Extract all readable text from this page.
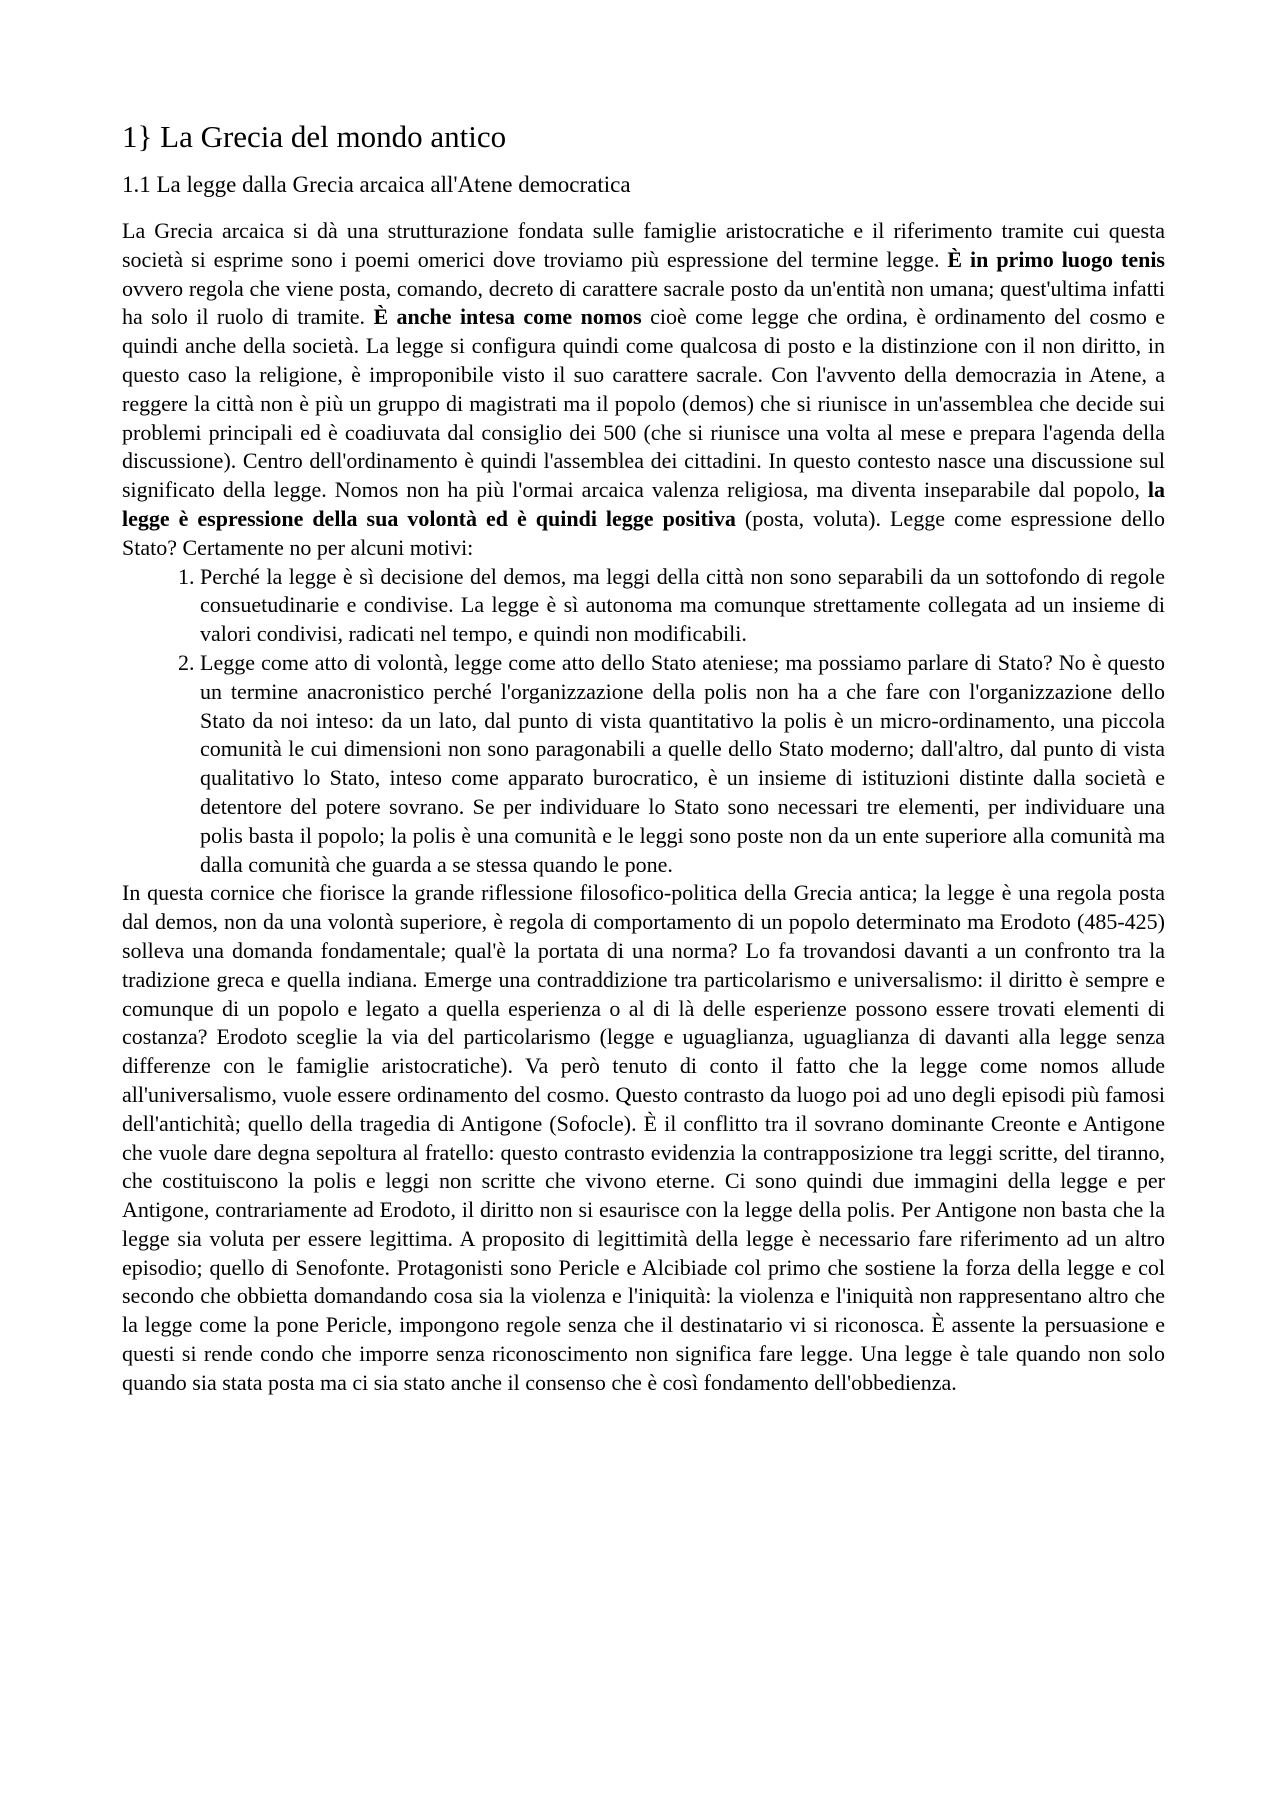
1} La Grecia del mondo antico
1.1 La legge dalla Grecia arcaica all'Atene democratica

La Grecia arcaica si dà una strutturazione fondata sulle famiglie aristocratiche e il riferimento tramite cui questa società si esprime sono i poemi omerici dove troviamo più espressione del termine legge. È in primo luogo tenis ovvero regola che viene posta, comando, decreto di carattere sacrale posto da un'entità non umana; quest'ultima infatti ha solo il ruolo di tramite. È anche intesa come nomos cioè come legge che ordina, è ordinamento del cosmo e quindi anche della società. La legge si configura quindi come qualcosa di posto e la distinzione con il non diritto, in questo caso la religione, è improponibile visto il suo carattere sacrale. Con l'avvento della democrazia in Atene, a reggere la città non è più un gruppo di magistrati ma il popolo (demos) che si riunisce in un'assemblea che decide sui problemi principali ed è coadiuvata dal consiglio dei 500 (che si riunisce una volta al mese e prepara l'agenda della discussione). Centro dell'ordinamento è quindi l'assemblea dei cittadini. In questo contesto nasce una discussione sul significato della legge. Nomos non ha più l'ormai arcaica valenza religiosa, ma diventa inseparabile dal popolo, la legge è espressione della sua volontà ed è quindi legge positiva (posta, voluta). Legge come espressione dello Stato? Certamente no per alcuni motivi:

1. Perché la legge è sì decisione del demos, ma leggi della città non sono separabili da un sottofondo di regole consuetudinarie e condivise. La legge è sì autonoma ma comunque strettamente collegata ad un insieme di valori condivisi, radicati nel tempo, e quindi non modificabili.
2. Legge come atto di volontà, legge come atto dello Stato ateniese; ma possiamo parlare di Stato? No è questo un termine anacronistico perché l'organizzazione della polis non ha a che fare con l'organizzazione dello Stato da noi inteso: da un lato, dal punto di vista quantitativo la polis è un micro-ordinamento, una piccola comunità le cui dimensioni non sono paragonabili a quelle dello Stato moderno; dall'altro, dal punto di vista qualitativo lo Stato, inteso come apparato burocratico, è un insieme di istituzioni distinte dalla società e detentore del potere sovrano. Se per individuare lo Stato sono necessari tre elementi, per individuare una polis basta il popolo; la polis è una comunità e le leggi sono poste non da un ente superiore alla comunità ma dalla comunità che guarda a se stessa quando le pone.

In questa cornice che fiorisce la grande riflessione filosofico-politica della Grecia antica; la legge è una regola posta dal demos, non da una volontà superiore, è regola di comportamento di un popolo determinato ma Erodoto (485-425) solleva una domanda fondamentale; qual'è la portata di una norma? Lo fa trovandosi davanti a un confronto tra la tradizione greca e quella indiana. Emerge una contraddizione tra particolarismo e universalismo: il diritto è sempre e comunque di un popolo e legato a quella esperienza o al di là delle esperienze possono essere trovati elementi di costanza? Erodoto sceglie la via del particolarismo (legge e uguaglianza, uguaglianza di davanti alla legge senza differenze con le famiglie aristocratiche). Va però tenuto di conto il fatto che la legge come nomos allude all'universalismo, vuole essere ordinamento del cosmo. Questo contrasto da luogo poi ad uno degli episodi più famosi dell'antichità; quello della tragedia di Antigone (Sofocle). È il conflitto tra il sovrano dominante Creonte e Antigone che vuole dare degna sepoltura al fratello: questo contrasto evidenzia la contrapposizione tra leggi scritte, del tiranno, che costituiscono la polis e leggi non scritte che vivono eterne. Ci sono quindi due immagini della legge e per Antigone, contrariamente ad Erodoto, il diritto non si esaurisce con la legge della polis. Per Antigone non basta che la legge sia voluta per essere legittima. A proposito di legittimità della legge è necessario fare riferimento ad un altro episodio; quello di Senofonte. Protagonisti sono Pericle e Alcibiade col primo che sostiene la forza della legge e col secondo che obbietta domandando cosa sia la violenza e l'iniquità: la violenza e l'iniquità non rappresentano altro che la legge come la pone Pericle, impongono regole senza che il destinatario vi si riconosca. È assente la persuasione e questi si rende condo che imporre senza riconoscimento non significa fare legge. Una legge è tale quando non solo quando sia stata posta ma ci sia stato anche il consenso che è così fondamento dell'obbedienza.
